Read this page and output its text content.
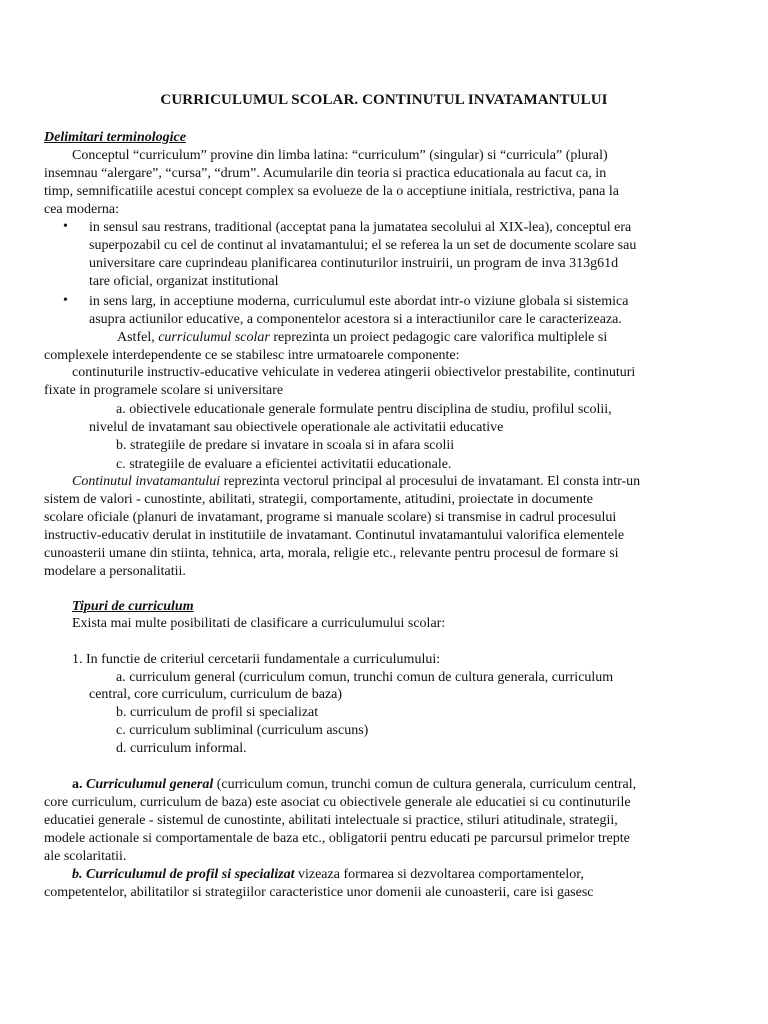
CURRICULUMUL SCOLAR. CONTINUTUL INVATAMANTULUI
Delimitari terminologice
Conceptul “curriculum” provine din limba latina: “curriculum” (singular) si “curricula” (plural)
insemnau “alergare”, “cursa”, “drum”. Acumularile din teoria si practica educationala au facut ca, in
timp, semnificatiile acestui concept complex sa evolueze de la o acceptiune initiala, restrictiva, pana la
cea moderna:
• in sensul sau restrans, traditional (acceptat pana la jumatatea secolului al XIX-lea), conceptul era
superpozabil cu cel de continut al invatamantului; el se referea la un set de documente scolare sau
universitare care cuprindeau planificarea continuturilor instruirii, un program de inva 313g61d
tare oficial, organizat institutional
• in sens larg, in acceptiune moderna, curriculumul este abordat intr-o viziune globala si sistemica
asupra actiunilor educative, a componentelor acestora si a interactiunilor care le caracterizeaza.
Astfel, curriculumul scolar reprezinta un proiect pedagogic care valorifica multiplele si
complexele interdependente ce se stabilesc intre urmatoarele componente:
continuturile instructiv-educative vehiculate in vederea atingerii obiectivelor prestabilite, continuturi
fixate in programele scolare si universitare
a. obiectivele educationale generale formulate pentru disciplina de studiu, profilul scolii,
nivelul de invatamant sau obiectivele operationale ale activitatii educative
b. strategiile de predare si invatare in scoala si in afara scolii
c. strategiile de evaluare a eficientei activitatii educationale.
Continutul invatamantului reprezinta vectorul principal al procesului de invatamant. El consta intr-un
sistem de valori - cunostinte, abilitati, strategii, comportamente, atitudini, proiectate in documente
scolare oficiale (planuri de invatamant, programe si manuale scolare) si transmise in cadrul procesului
instructiv-educativ derulat in institutiile de invatamant. Continutul invatamantului valorifica elementele
cunoasterii umane din stiinta, tehnica, arta, morala, religie etc., relevante pentru procesul de formare si
modelare a personalitatii.
Tipuri de curriculum
Exista mai multe posibilitati de clasificare a curriculumului scolar:
1. In functie de criteriul cercetarii fundamentale a curriculumului:
a. curriculum general (curriculum comun, trunchi comun de cultura generala, curriculum
central, core curriculum, curriculum de baza)
b. curriculum de profil si specializat
c. curriculum subliminal (curriculum ascuns)
d. curriculum informal.
a. Curriculumul general (curriculum comun, trunchi comun de cultura generala, curriculum central,
core curriculum, curriculum de baza) este asociat cu obiectivele generale ale educatiei si cu continuturile
educatiei generale - sistemul de cunostinte, abilitati intelectuale si practice, stiluri atitudinale, strategii,
modele actionale si comportamentale de baza etc., obligatorii pentru educati pe parcursul primelor trepte
ale scolaritatii.
b. Curriculumul de profil si specializat vizeaza formarea si dezvoltarea comportamentelor,
competentelor, abilitatilor si strategiilor caracteristice unor domenii ale cunoasterii, care isi gasesc
